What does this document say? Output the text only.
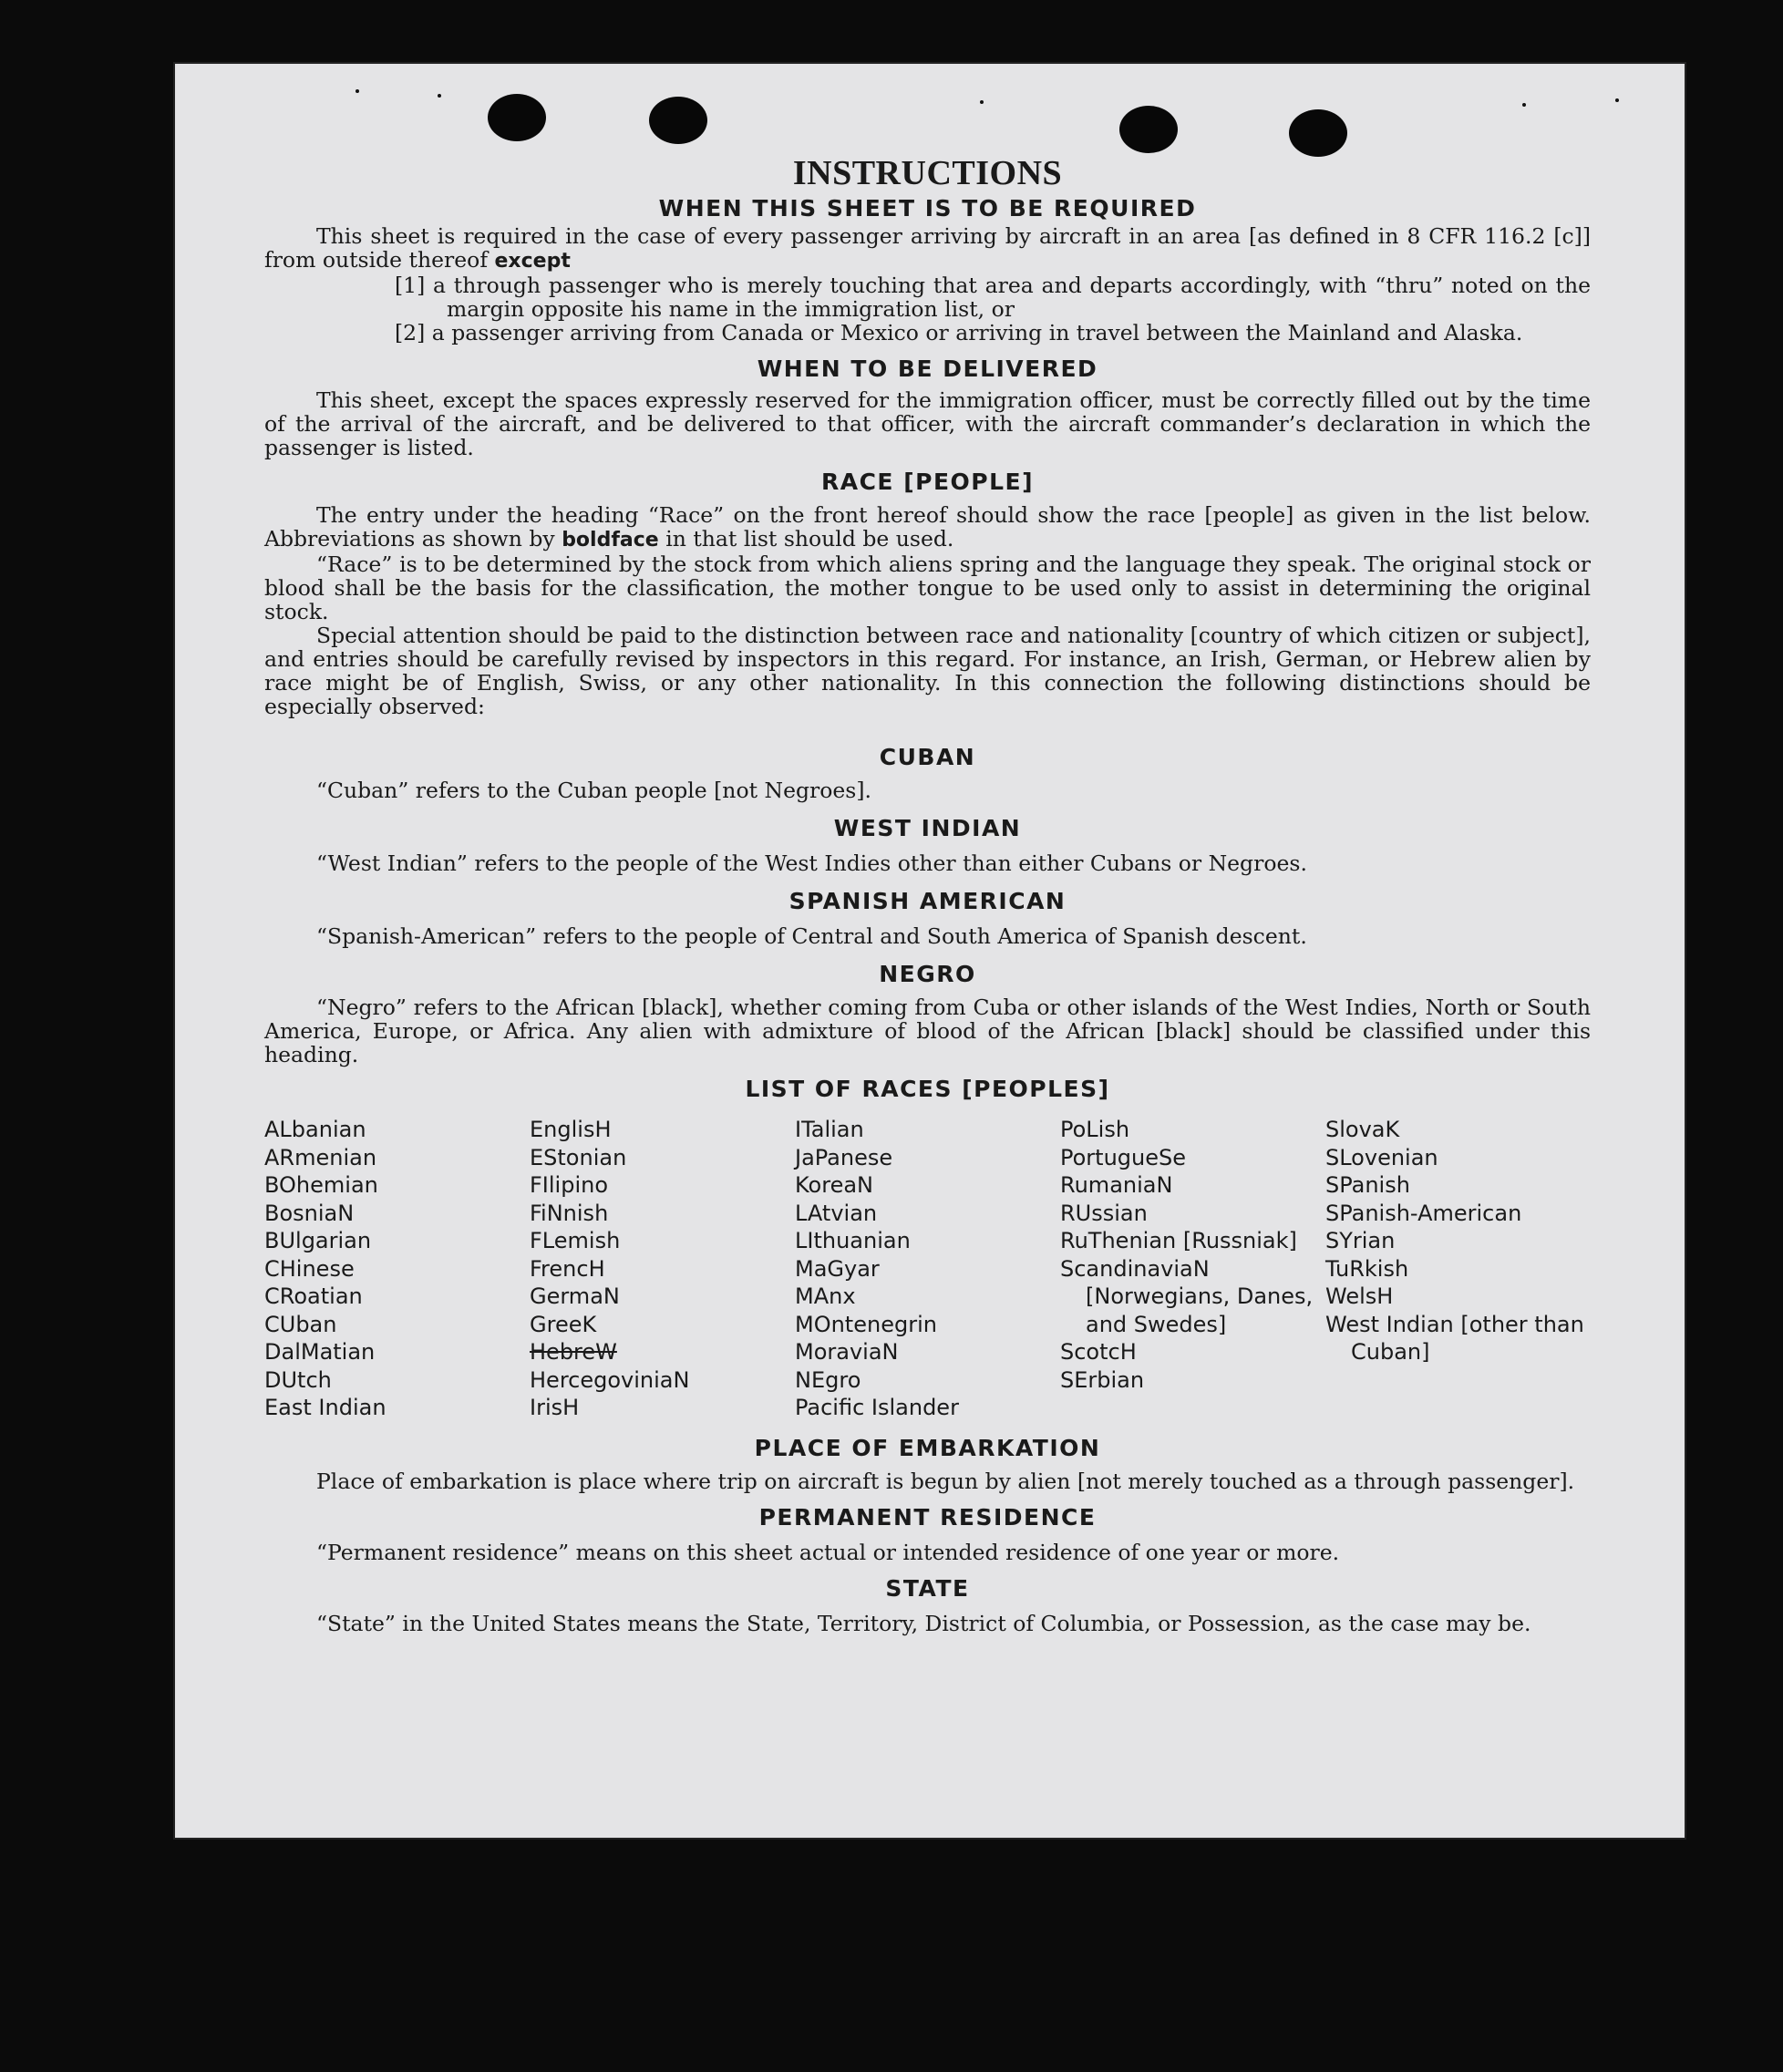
INSTRUCTIONS
WHEN THIS SHEET IS TO BE REQUIRED

This sheet is required in the case of every passenger arriving by aircraft in an area [as defined in 8 CFR 116.2 [c]] from outside thereof except

[1] a through passenger who is merely touching that area and departs accordingly, with “thru” noted on the margin opposite his name in the immigration list, or

[2] a passenger arriving from Canada or Mexico or arriving in travel between the Mainland and Alaska.

WHEN TO BE DELIVERED

This sheet, except the spaces expressly reserved for the immigration officer, must be correctly filled out by the time of the arrival of the aircraft, and be delivered to that officer, with the aircraft commander’s declaration in which the passenger is listed.

RACE [PEOPLE]

The entry under the heading “Race” on the front hereof should show the race [people] as given in the list below. Abbreviations as shown by boldface in that list should be used.

“Race” is to be determined by the stock from which aliens spring and the language they speak. The original stock or blood shall be the basis for the classification, the mother tongue to be used only to assist in determining the original stock.

Special attention should be paid to the distinction between race and nationality [country of which citizen or subject], and entries should be carefully revised by inspectors in this regard. For instance, an Irish, German, or Hebrew alien by race might be of English, Swiss, or any other nationality. In this connection the following distinctions should be especially observed:

CUBAN

“Cuban” refers to the Cuban people [not Negroes].

WEST INDIAN

“West Indian” refers to the people of the West Indies other than either Cubans or Negroes.

SPANISH AMERICAN

“Spanish-American” refers to the people of Central and South America of Spanish descent.

NEGRO

“Negro” refers to the African [black], whether coming from Cuba or other islands of the West Indies, North or South America, Europe, or Africa. Any alien with admixture of blood of the African [black] should be classified under this heading.

LIST OF RACES [PEOPLES]
ALbanian
ARmenian
BOhemian
BosniaN
BUlgarian
CHinese
CRoatian
CUban
DalMatian
DUtch
East Indian
EnglisH
EStonian
FIlipino
FiNnish
FLemish
FrencH
GermaN
GreeK
HebreW
HercegoviniaN
IrisH
ITalian
JaPanese
KoreaN
LAtvian
LIthuanian
MaGyar
MAnx
MOntenegrin
MoraviaN
NEgro
Pacific Islander
PoLish
PortugueSe
RumaniaN
RUssian
RuThenian [Russniak]
ScandinaviaN [Norwegians, Danes, and Swedes]
ScotcH
SErbian
SlovaK
SLovenian
SPanish
SPanish-American
SYrian
TuRkish
WelsH
West Indian [other than Cuban]
PLACE OF EMBARKATION

Place of embarkation is place where trip on aircraft is begun by alien [not merely touched as a through passenger].

PERMANENT RESIDENCE

“Permanent residence” means on this sheet actual or intended residence of one year or more.

STATE

“State” in the United States means the State, Territory, District of Columbia, or Possession, as the case may be.
